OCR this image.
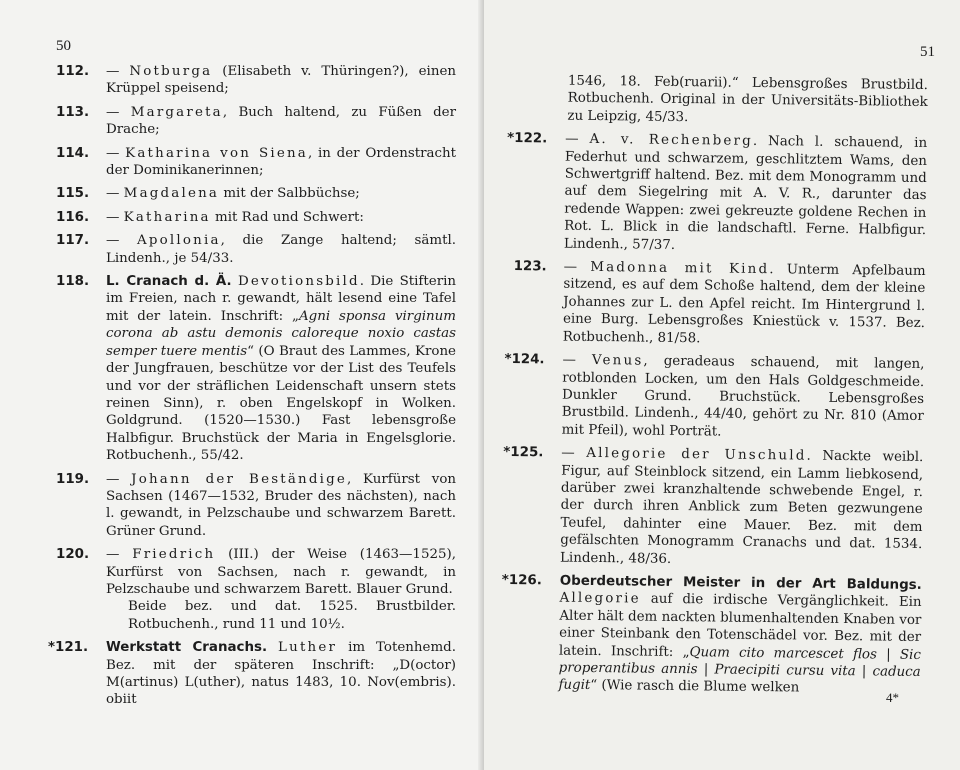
50
112. — Notburga (Elisabeth v. Thüringen?), einen Krüppel speisend;
113. — Margareta, Buch haltend, zu Füßen der Drache;
114. — Katharina von Siena, in der Ordenstracht der Dominikanerinnen;
115. — Magdalena mit der Salbbüchse;
116. — Katharina mit Rad und Schwert:
117. — Apollonia, die Zange haltend; sämtl. Lindenh., je 54/33.
118. L. Cranach d. Ä. Devotionsbild. Die Stifterin im Freien, nach r. gewandt, hält lesend eine Tafel mit der latein. Inschrift: „Agni sponsa virginum corona ab astu demonis caloreque noxio castas semper tuere mentis“ (O Braut des Lammes, Krone der Jungfrauen, beschütze vor der List des Teufels und vor der sträflichen Leidenschaft unsern stets reinen Sinn), r. oben Engelskopf in Wolken. Goldgrund. (1520—1530.) Fast lebensgroße Halbfigur. Bruchstück der Maria in Engelsglorie. Rotbuchenh., 55/42.
119. — Johann der Beständige, Kurfürst von Sachsen (1467—1532, Bruder des nächsten), nach l. gewandt, in Pelzschaube und schwarzem Barett. Grüner Grund.
120. — Friedrich (III.) der Weise (1463—1525), Kurfürst von Sachsen, nach r. gewandt, in Pelzschaube und schwarzem Barett. Blauer Grund.
Beide bez. und dat. 1525. Brustbilder. Rotbuchenh., rund 11 und 10½.
*121. Werkstatt Cranachs. Luther im Totenhemd. Bez. mit der späteren Inschrift: „D(octor) M(artinus) L(uther), natus 1483, 10. Nov(embris). obiit
51
1546, 18. Feb(ruarii).“ Lebensgroßes Brustbild. Rotbuchenh. Original in der Universitäts-Bibliothek zu Leipzig, 45/33.
*122. — A. v. Rechenberg. Nach l. schauend, in Federhut und schwarzem, geschlitztem Wams, den Schwertgriff haltend. Bez. mit dem Monogramm und auf dem Siegelring mit A. V. R., darunter das redende Wappen: zwei gekreuzte goldene Rechen in Rot. L. Blick in die landschaftl. Ferne. Halbfigur. Lindenh., 57/37.
123. — Madonna mit Kind. Unterm Apfelbaum sitzend, es auf dem Schoße haltend, dem der kleine Johannes zur L. den Apfel reicht. Im Hintergrund l. eine Burg. Lebensgroßes Kniestück v. 1537. Bez. Rotbuchenh., 81/58.
*124. — Venus, geradeaus schauend, mit langen, rotblonden Locken, um den Hals Goldgeschmeide. Dunkler Grund. Bruchstück. Lebensgroßes Brustbild. Lindenh., 44/40, gehört zu Nr. 810 (Amor mit Pfeil), wohl Porträt.
*125. — Allegorie der Unschuld. Nackte weibl. Figur, auf Steinblock sitzend, ein Lamm liebkosend, darüber zwei kranzhaltende schwebende Engel, r. der durch ihren Anblick zum Beten gezwungene Teufel, dahinter eine Mauer. Bez. mit dem gefälschten Monogramm Cranachs und dat. 1534. Lindenh., 48/36.
*126. Oberdeutscher Meister in der Art Baldungs. Allegorie auf die irdische Vergänglichkeit. Ein Alter hält dem nackten blumenhaltenden Knaben vor einer Steinbank den Totenschädel vor. Bez. mit der latein. Inschrift: „Quam cito marcescet flos | Sic properantibus annis | Praecipiti cursu vita | caduca fugit“ (Wie rasch die Blume welken
4*
